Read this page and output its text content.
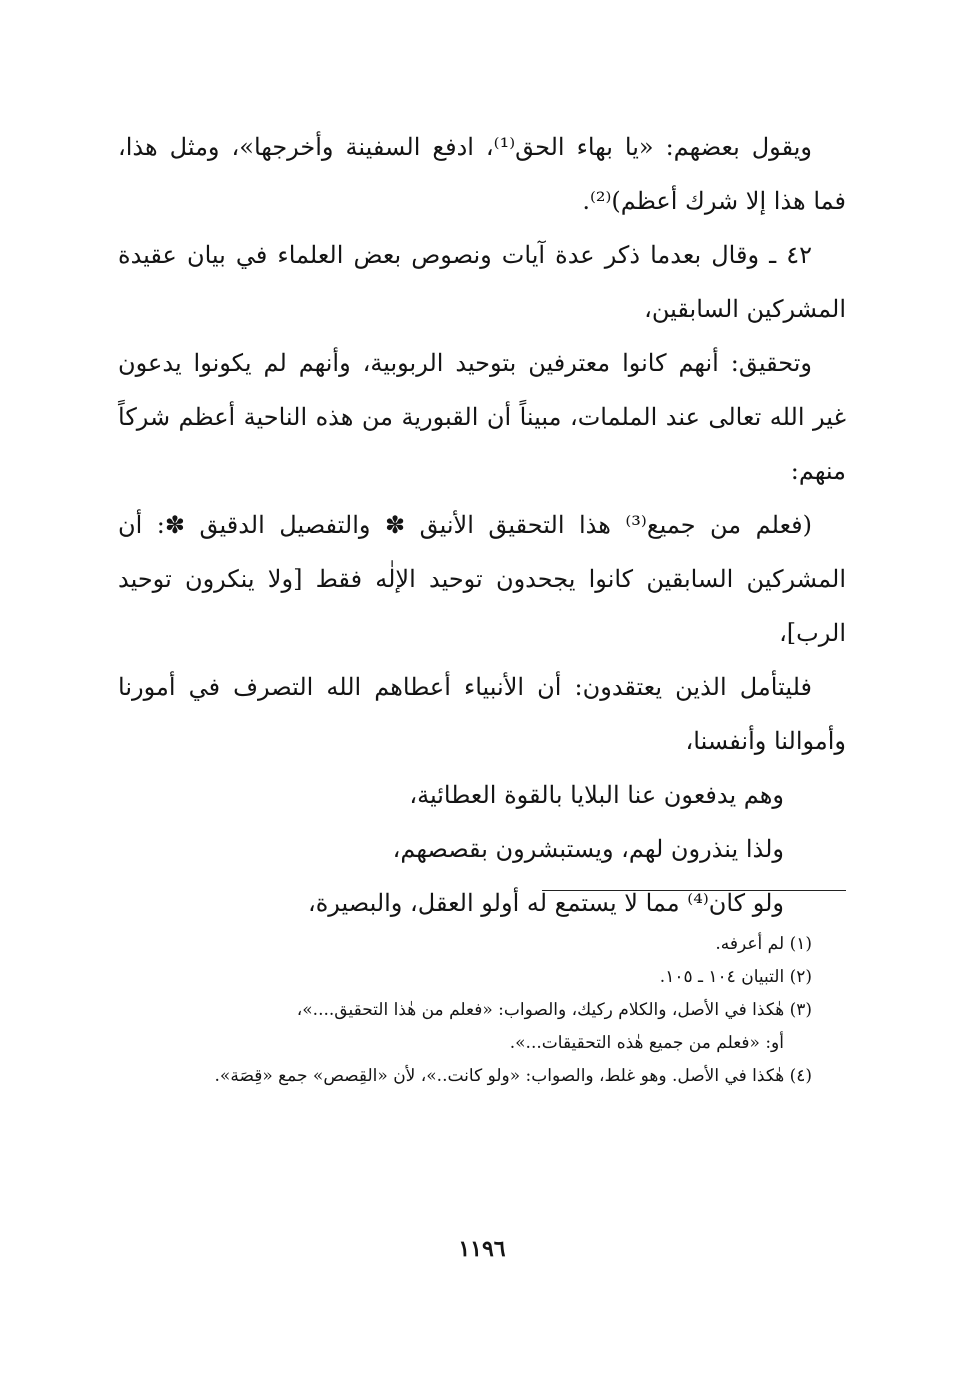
ويقول بعضهم: «يا بهاء الحق⁽¹⁾، ادفع السفينة وأخرجها»، ومثل هذا، فما هذا إلا شرك أعظم)⁽²⁾.

٤٢ ـ وقال بعدما ذكر عدة آيات ونصوص بعض العلماء في بيان عقيدة المشركين السابقين،

وتحقيق: أنهم كانوا معترفين بتوحيد الربوبية، وأنهم لم يكونوا يدعون غير الله تعالى عند الملمات، مبيناً أن القبورية من هذه الناحية أعظم شركاً منهم:

(فعلم من جميع⁽³⁾ هذا التحقيق الأنيق ✽ والتفصيل الدقيق ✽: أن المشركين السابقين كانوا يجحدون توحيد الإلٰه فقط [ولا ينكرون توحيد الرب]،

فليتأمل الذين يعتقدون: أن الأنبياء أعطاهم الله التصرف في أمورنا وأموالنا وأنفسنا،

وهم يدفعون عنا البلايا بالقوة العطائية،

ولذا ينذرون لهم، ويستبشرون بقصصهم،

ولو كان⁽⁴⁾ مما لا يستمع له أولو العقل، والبصيرة،

(١) لم أعرفه.

(٢) التبيان ١٠٤ ـ ١٠٥.

(٣) هٰكذا في الأصل، والكلام ركيك، والصواب: «فعلم من هٰذا التحقيق....»،

أو: «فعلم من جميع هٰذه التحقيقات...».

(٤) هٰكذا في الأصل. وهو غلط، والصواب: «ولو كانت..»، لأن «القِصص» جمع «قِصَة».

١١٩٦
